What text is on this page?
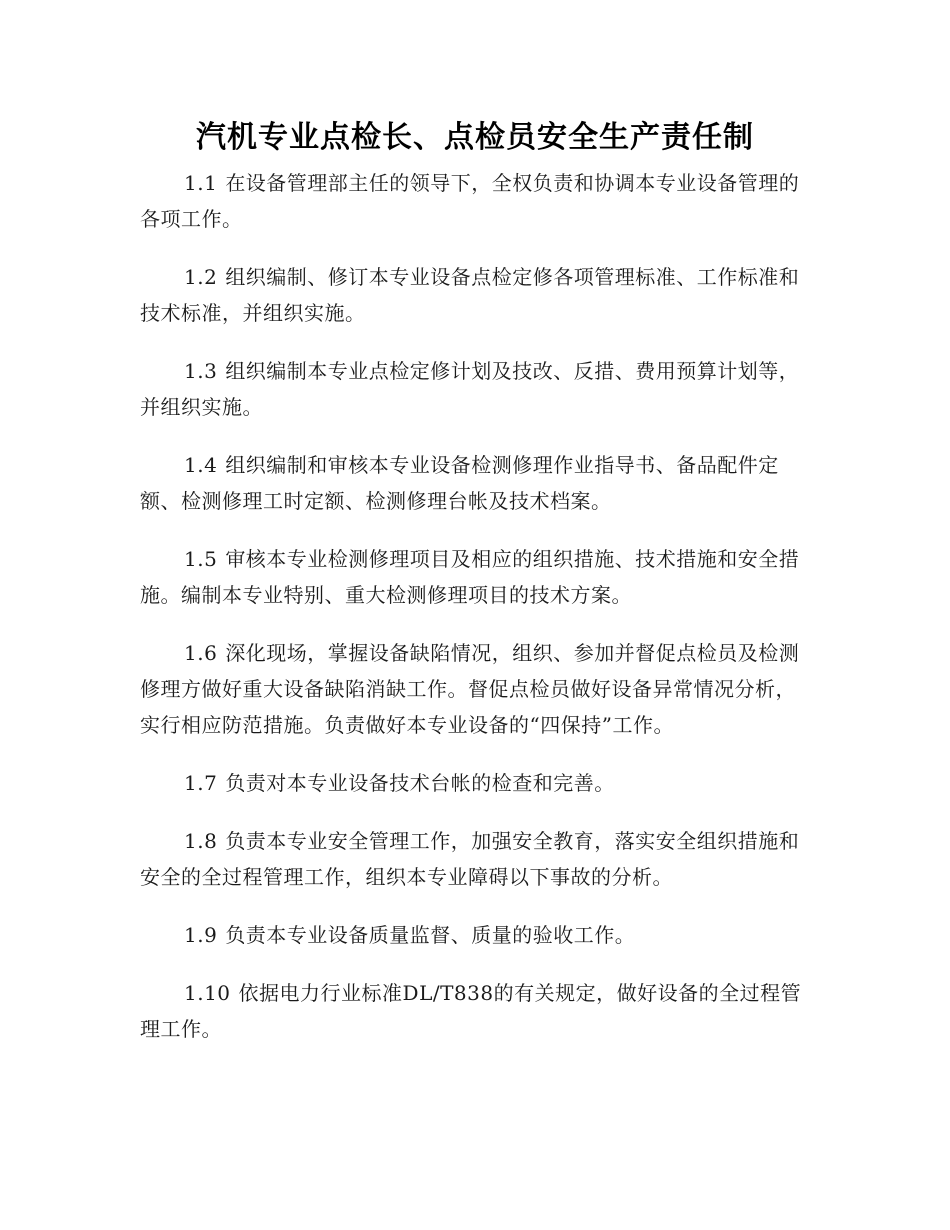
汽机专业点检长、点检员安全生产责任制

1.1 在设备管理部主任的领导下，全权负责和协调本专业设备管理的各项工作。

1.2 组织编制、修订本专业设备点检定修各项管理标准、工作标准和技术标准，并组织实施。

1.3 组织编制本专业点检定修计划及技改、反措、费用预算计划等，并组织实施。

1.4 组织编制和审核本专业设备检测修理作业指导书、备品配件定额、检测修理工时定额、检测修理台帐及技术档案。

1.5 审核本专业检测修理项目及相应的组织措施、技术措施和安全措施。编制本专业特别、重大检测修理项目的技术方案。

1.6 深化现场，掌握设备缺陷情况，组织、参加并督促点检员及检测修理方做好重大设备缺陷消缺工作。督促点检员做好设备异常情况分析，实行相应防范措施。负责做好本专业设备的“四保持”工作。

1.7 负责对本专业设备技术台帐的检查和完善。

1.8 负责本专业安全管理工作，加强安全教育，落实安全组织措施和安全的全过程管理工作，组织本专业障碍以下事故的分析。

1.9 负责本专业设备质量监督、质量的验收工作。

1.10 依据电力行业标准DL/T838的有关规定，做好设备的全过程管理工作。
